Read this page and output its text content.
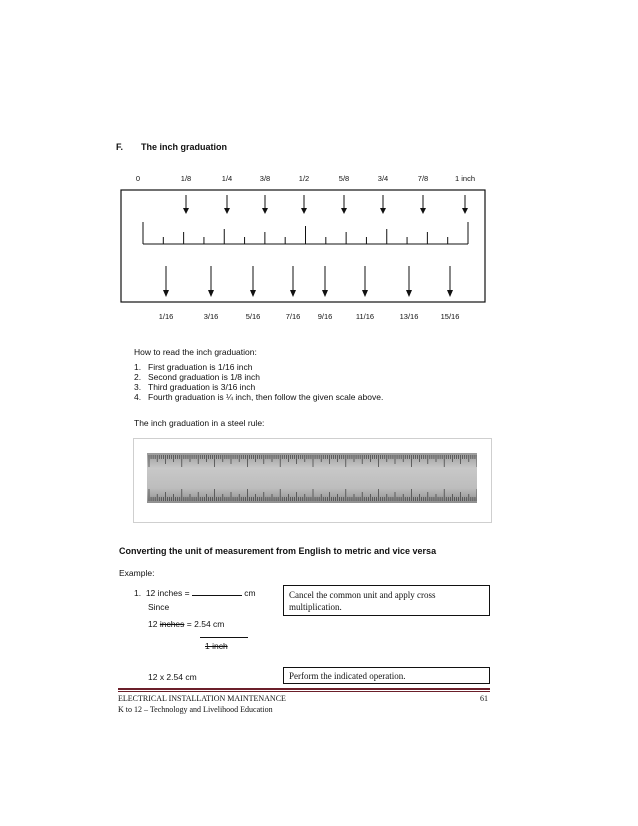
F. The inch graduation
0	1/8	1/4	3/8	1/2	5/8	3/4	7/8	1 inch
1/16	3/16	5/16	7/16 9/16	11/16	13/16	15/16
How to read the inch graduation:
1. First graduation is 1/16 inch
2. Second graduation is 1/8 inch
3. Third graduation is 3/16 inch
4. Fourth graduation is ¼ inch, then follow the given scale above.
The inch graduation in a steel rule:
Converting the unit of measurement from English to metric and vice versa
Example:
1. 12 inches =	cm
Since
12 inches = 2.54 cm
1 inch
12 x 2.54 cm
Cancel the common unit and apply cross multiplication.
Perform the indicated operation.
ELECTRICAL INSTALLATION MAINTENANCE
K to 12 – Technology and Livelihood Education
61
